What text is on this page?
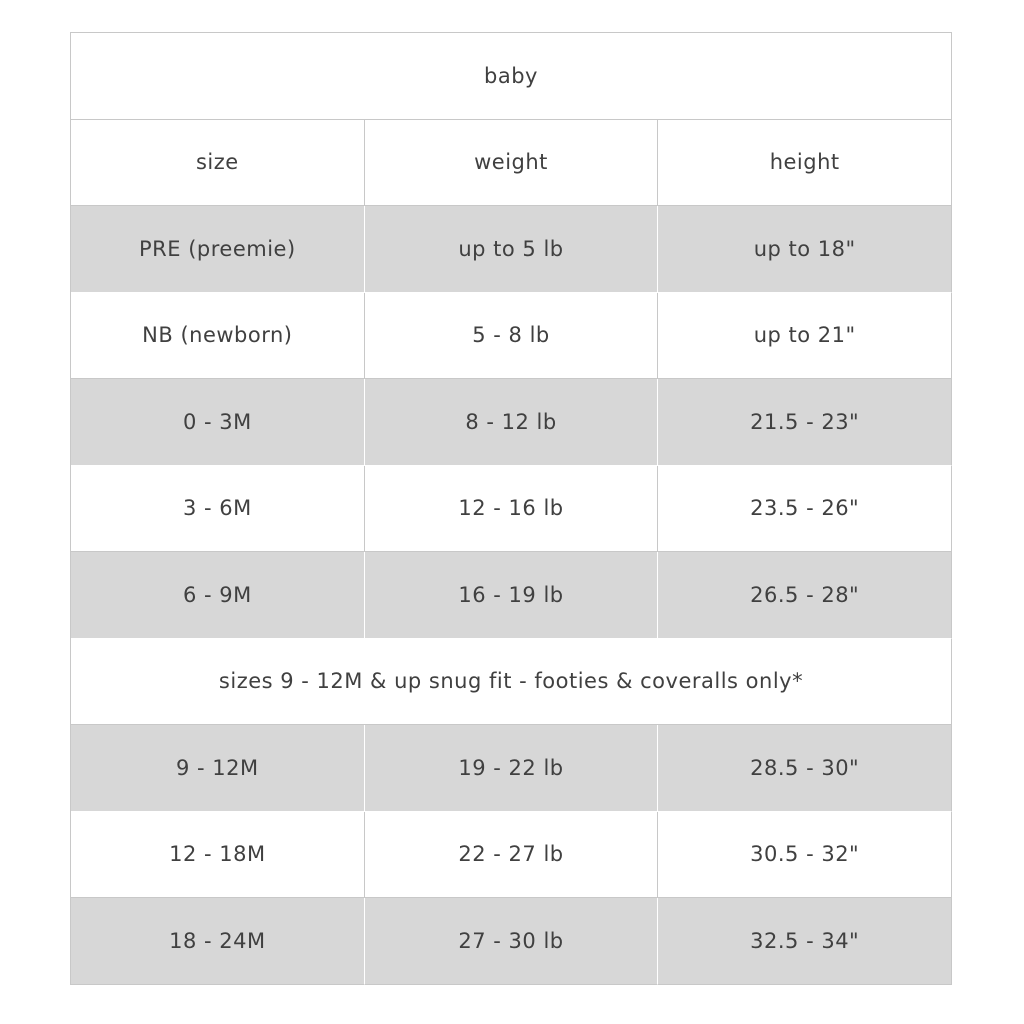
baby
size	weight	height
PRE (preemie)	up to 5 lb	up to 18"
NB (newborn)	5 - 8 lb	up to 21"
0 - 3M	8 - 12 lb	21.5 - 23"
3 - 6M	12 - 16 lb	23.5 - 26"
6 - 9M	16 - 19 lb	26.5 - 28"
sizes 9 - 12M & up snug fit - footies & coveralls only*
9 - 12M	19 - 22 lb	28.5 - 30"
12 - 18M	22 - 27 lb	30.5 - 32"
18 - 24M	27 - 30 lb	32.5 - 34"
